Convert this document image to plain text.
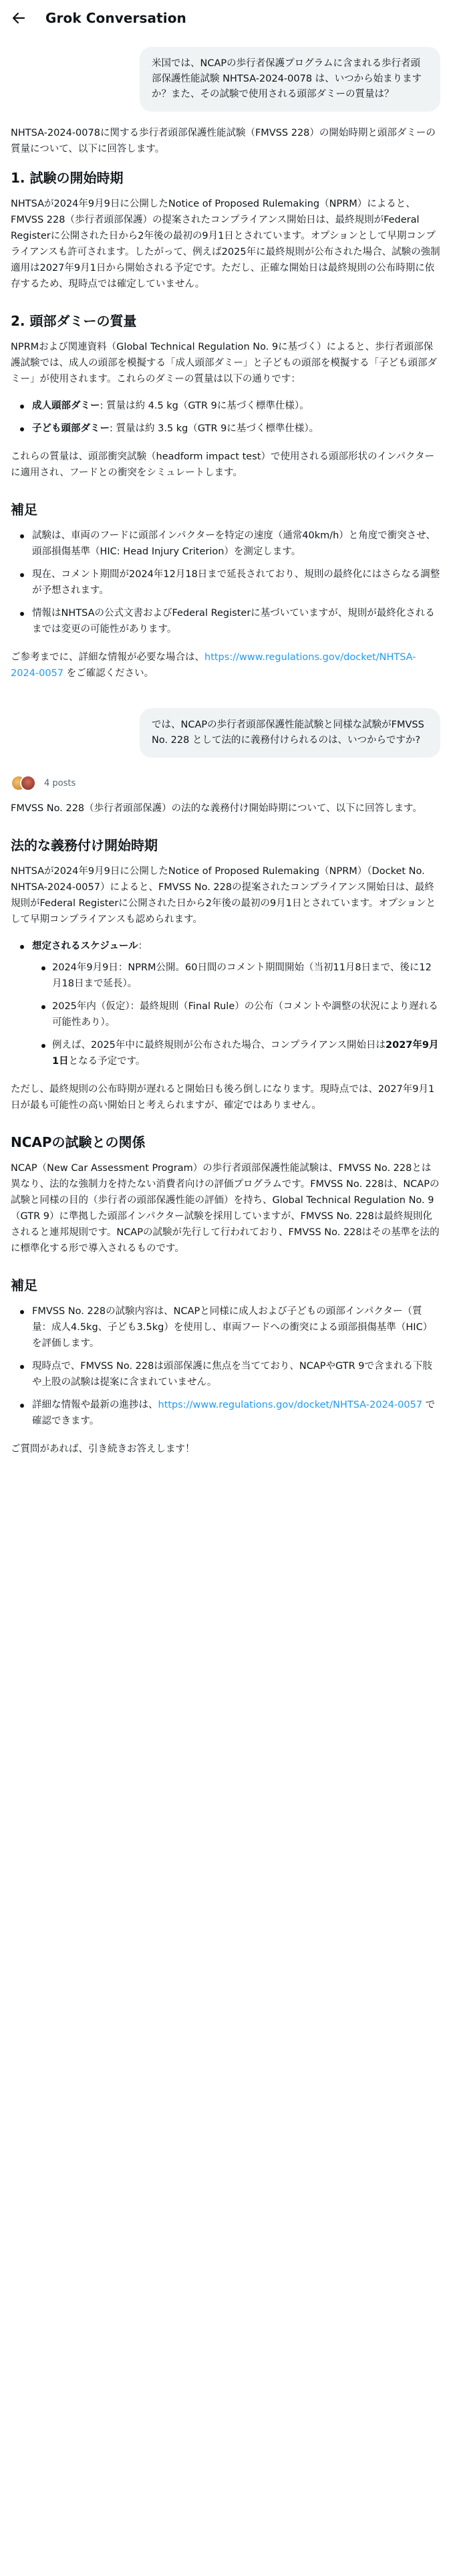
Grok Conversation
米国では、NCAPの歩行者保護プログラムに含まれる歩行者頭部保護性能試験 NHTSA-2024-0078 は、いつから始まりますか？また、その試験で使用される頭部ダミーの質量は？

NHTSA-2024-0078に関する歩行者頭部保護性能試験（FMVSS 228）の開始時期と頭部ダミーの質量について、以下に回答します。

1. 試験の開始時期

NHTSAが2024年9月9日に公開したNotice of Proposed Rulemaking（NPRM）によると、FMVSS 228（歩行者頭部保護）の提案されたコンプライアンス開始日は、最終規則がFederal Registerに公開された日から2年後の最初の9月1日とされています。オプションとして早期コンプライアンスも許可されます。したがって、例えば2025年に最終規則が公布された場合、試験の強制適用は2027年9月1日から開始される予定です。ただし、正確な開始日は最終規則の公布時期に依存するため、現時点では確定していません。

2. 頭部ダミーの質量

NPRMおよび関連資料（Global Technical Regulation No. 9に基づく）によると、歩行者頭部保護試験では、成人の頭部を模擬する「成人頭部ダミー」と子どもの頭部を模擬する「子ども頭部ダミー」が使用されます。これらのダミーの質量は以下の通りです：

成人頭部ダミー: 質量は約 4.5 kg（GTR 9に基づく標準仕様）。
子ども頭部ダミー: 質量は約 3.5 kg（GTR 9に基づく標準仕様）。

これらの質量は、頭部衝突試験（headform impact test）で使用される頭部形状のインパクターに適用され、フードとの衝突をシミュレートします。

補足
試験は、車両のフードに頭部インパクターを特定の速度（通常40km/h）と角度で衝突させ、頭部損傷基準（HIC: Head Injury Criterion）を測定します。
現在、コメント期間が2024年12月18日まで延長されており、規則の最終化にはさらなる調整が予想されます。
情報はNHTSAの公式文書およびFederal Registerに基づいていますが、規則が最終化されるまでは変更の可能性があります。

ご参考までに、詳細な情報が必要な場合は、https://www.regulations.gov/docket/NHTSA-2024-0057 をご確認ください。

では、NCAPの歩行者頭部保護性能試験と同様な試験がFMVSS No. 228 として法的に義務付けられるのは、いつからですか?
4 posts

FMVSS No. 228（歩行者頭部保護）の法的な義務付け開始時期について、以下に回答します。

法的な義務付け開始時期

NHTSAが2024年9月9日に公開したNotice of Proposed Rulemaking（NPRM）（Docket No. NHTSA-2024-0057）によると、FMVSS No. 228の提案されたコンプライアンス開始日は、最終規則がFederal Registerに公開された日から2年後の最初の9月1日とされています。オプションとして早期コンプライアンスも認められます。

想定されるスケジュール：
2024年9月9日：NPRM公開。60日間のコメント期間開始（当初11月8日まで、後に12月18日まで延長）。
2025年内（仮定）：最終規則（Final Rule）の公布（コメントや調整の状況により遅れる可能性あり）。
例えば、2025年中に最終規則が公布された場合、コンプライアンス開始日は2027年9月1日となる予定です。

ただし、最終規則の公布時期が遅れると開始日も後ろ倒しになります。現時点では、2027年9月1日が最も可能性の高い開始日と考えられますが、確定ではありません。

NCAPの試験との関係

NCAP（New Car Assessment Program）の歩行者頭部保護性能試験は、FMVSS No. 228とは異なり、法的な強制力を持たない消費者向けの評価プログラムです。FMVSS No. 228は、NCAPの試験と同様の目的（歩行者の頭部保護性能の評価）を持ち、Global Technical Regulation No. 9（GTR 9）に準拠した頭部インパクター試験を採用していますが、FMVSS No. 228は最終規則化されると連邦規則です。NCAPの試験が先行して行われており、FMVSS No. 228はその基準を法的に標準化する形で導入されるものです。

補足
FMVSS No. 228の試験内容は、NCAPと同様に成人および子どもの頭部インパクター（質量：成人4.5kg、子ども3.5kg）を使用し、車両フードへの衝突による頭部損傷基準（HIC）を評価します。
現時点で、FMVSS No. 228は頭部保護に焦点を当てており、NCAPやGTR 9で含まれる下肢や上股の試験は提案に含まれていません。
詳細な情報や最新の進捗は、https://www.regulations.gov/docket/NHTSA-2024-0057 で確認できます。

ご質問があれば、引き続きお答えします！
